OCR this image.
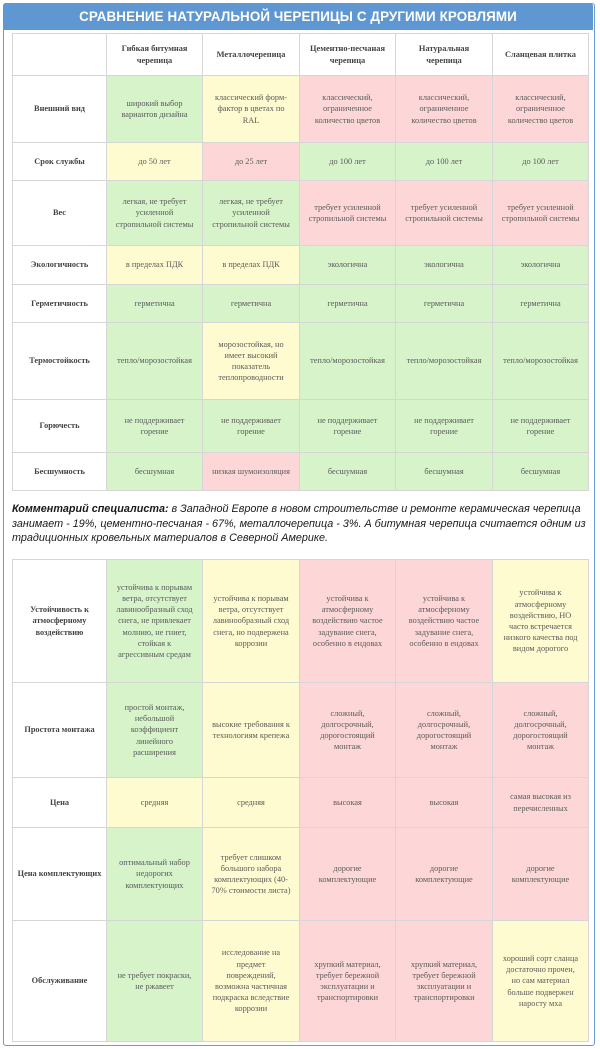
СРАВНЕНИЕ НАТУРАЛЬНОЙ ЧЕРЕПИЦЫ С ДРУГИМИ КРОВЛЯМИ
	Гибкая битумная черепица	Металлочерепица	Цементно-песчаная черепица	Натуральная черепица	Сланцевая плитка
Внешний вид	широкий выбор вариантов дизайна	классический форм-фактор в цветах по RAL	классический, ограниченное количество цветов	классический, ограниченное количество цветов	классический, ограниченное количество цветов
Срок службы	до 50 лет	до 25 лет	до 100 лет	до 100 лет	до 100 лет
Вес	легкая, не требует усиленной стропильной системы	легкая, не требует усиленной стропильной системы	требует усиленной стропильной системы	требует усиленной стропильной системы	требует усиленной стропильной системы
Экологичность	в пределах ПДК	в пределах ПДК	экологична	экологична	экологична
Герметичность	герметична	герметична	герметична	герметична	герметична
Термостойкость	тепло/морозостойкая	морозостойкая, но имеет высокий показатель теплопроводности	тепло/морозостойкая	тепло/морозостойкая	тепло/морозостойкая
Горючесть	не поддерживает горение	не поддерживает горение	не поддерживает горение	не поддерживает горение	не поддерживает горение
Бесшумность	бесшумная	низкая шумоизоляция	бесшумная	бесшумная	бесшумная
Комментарий специалиста: в Западной Европе в новом строительстве и ремонте керамическая черепица занимает - 19%, цементно-песчаная - 67%, металлочерепица - 3%. А битумная черепица считается одним из традиционных кровельных материалов в Северной Америке.
Устойчивость к атмосферному воздействию	устойчива к порывам ветра, отсутствует лавинообразный сход снега, не привлекает молнию, не гниет, стойкая к агрессивным средам	устойчива к порывам ветра, отсутствует лавинообразный сход снега, но подвержена коррозии	устойчива к атмосферному воздействию частое задувание снега, особенно в ендовах	устойчива к атмосферному воздействию частое задувание снега, особенно в ендовах	устойчива к атмосферному воздействию, НО часто встречается низкого качества под видом дорогого
Простота монтажа	простой монтаж, небольшой коэффициент линейного расширения	высокие требования к технологиям крепежа	сложный, долгосрочный, дорогостоящий монтаж	сложный, долгосрочный, дорогостоящий монтаж	сложный, долгосрочный, дорогостоящий монтаж
Цена	средняя	средняя	высокая	высокая	самая высокая из перечисленных
Цена комплектующих	оптимальный набор недорогих комплектующих	требует слишком большого набора комплектующих (40-70% стоимости листа)	дорогие комплектующие	дорогие комплектующие	дорогие комплектующие
Обслуживание	не требует покраски, не ржавеет	исследование на предмет повреждений, возможна частичная подкраска вследствие коррозии	хрупкий материал, требует бережной эксплуатации и транспортировки	хрупкий материал, требует бережной эксплуатации и транспортировки	хороший сорт сланца достаточно прочен, но сам материал больше подвержен наросту мха
